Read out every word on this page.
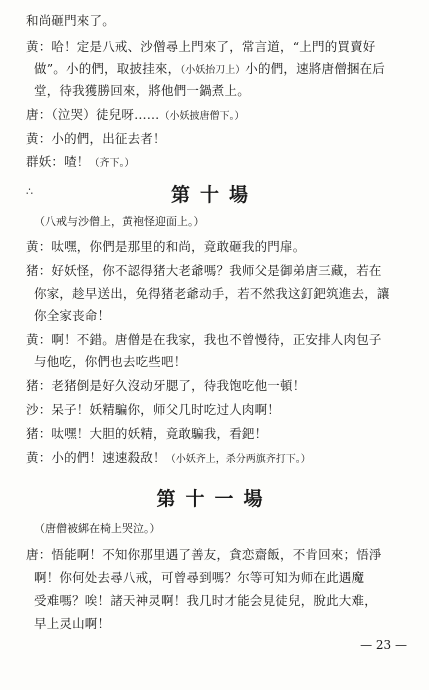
和尚砸門來了。
黄：哈！定是八戒、沙僧尋上門來了，常言道，“上門的買賣好
做”。小的們，取披挂來，（小妖抬刀上）小的們，速將唐僧捆在后
堂，待我獲勝回來，將他們一鍋煮上。
唐：（泣哭）徒兒呀……（小妖披唐僧下。）
黄：小的們，出征去者！
群妖：喳！（齐下。）
∴	第十場
（八戒与沙僧上，黄袍怪迎面上。）
黄：呔嘿，你們是那里的和尚，竟敢砸我的門扉。
猪：好妖怪，你不認得猪大老爺嗎？我师父是御弟唐三藏，若在
你家，趁早送出，免得猪老爺动手，若不然我这釘鈀筑進去，讓
你全家丧命！
黄：啊！不錯。唐僧是在我家，我也不曾慢待，正安排人肉包子
与他吃，你們也去吃些吧！
猪：老猪倒是好久沒动牙腮了，待我饱吃他一頓！
沙：呆子！妖精騙你，师父几时吃过人肉啊！
猪：呔嘿！大胆的妖精，竟敢騙我，看鈀！
黄：小的們！速速殺敌！（小妖齐上，杀分两旗齐打下。）
第十一場
（唐僧被綁在椅上哭泣。）
唐：悟能啊！不知你那里遇了善友，貪恋齋飯，不肯回來；悟淨
啊！你何处去尋八戒，可曾尋到嗎？尔等可知为师在此遇魔
受难嗎？唉！諸天神灵啊！我几时才能会見徒兒，脫此大难，
早上灵山啊！
— 23 —
